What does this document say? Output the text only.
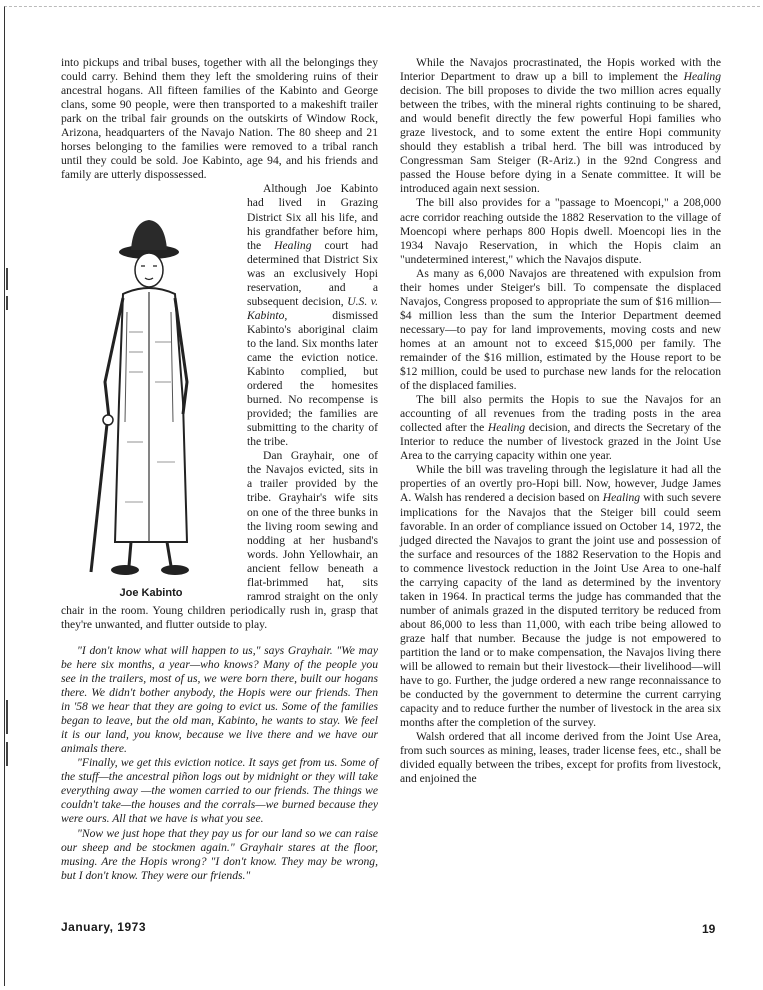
into pickups and tribal buses, together with all the belongings they could carry. Behind them they left the smoldering ruins of their ancestral hogans. All fifteen families of the Kabinto and George clans, some 90 people, were then transported to a makeshift trailer park on the tribal fair grounds on the outskirts of Window Rock, Arizona, headquarters of the Navajo Nation. The 80 sheep and 21 horses belonging to the families were removed to a tribal ranch until they could be sold. Joe Kabinto, age 94, and his friends and family are utterly dispossessed.

Joe Kabinto

Although Joe Kabinto had lived in Grazing District Six all his life, and his grandfather before him, the Healing court had determined that District Six was an exclusively Hopi reservation, and a subsequent decision, U.S. v. Kabinto, dismissed Kabinto's aboriginal claim to the land. Six months later came the eviction notice. Kabinto complied, but ordered the homesites burned. No recompense is provided; the families are submitting to the charity of the tribe.

Dan Grayhair, one of the Navajos evicted, sits in a trailer provided by the tribe. Grayhair's wife sits on one of the three bunks in the living room sewing and nodding at her husband's words. John Yellowhair, an ancient fellow beneath a flat-brimmed hat, sits ramrod straight on the only chair in the room. Young children periodically rush in, grasp that they're unwanted, and flutter outside to play.

"I don't know what will happen to us," says Grayhair. "We may be here six months, a year—who knows? Many of the people you see in the trailers, most of us, we were born there, built our hogans there. We didn't bother anybody, the Hopis were our friends. Then in '58 we hear that they are going to evict us. Some of the families began to leave, but the old man, Kabinto, he wants to stay. We feel it is our land, you know, because we live there and we have our animals there.

"Finally, we get this eviction notice. It says get from us. Some of the stuff—the ancestral piñon logs out by midnight or they will take everything away —the women carried to our friends. The things we couldn't take—the houses and the corrals—we burned because they were ours. All that we have is what you see.

"Now we just hope that they pay us for our land so we can raise our sheep and be stockmen again." Grayhair stares at the floor, musing. Are the Hopis wrong? "I don't know. They may be wrong, but I don't know. They were our friends."

While the Navajos procrastinated, the Hopis worked with the Interior Department to draw up a bill to implement the Healing decision. The bill proposes to divide the two million acres equally between the tribes, with the mineral rights continuing to be shared, and would benefit directly the few powerful Hopi families who graze livestock, and to some extent the entire Hopi community should they establish a tribal herd. The bill was introduced by Congressman Sam Steiger (R-Ariz.) in the 92nd Congress and passed the House before dying in a Senate committee. It will be introduced again next session.

The bill also provides for a "passage to Moencopi," a 208,000 acre corridor reaching outside the 1882 Reservation to the village of Moencopi where perhaps 800 Hopis dwell. Moencopi lies in the 1934 Navajo Reservation, in which the Hopis claim an "undetermined interest," which the Navajos dispute.

As many as 6,000 Navajos are threatened with expulsion from their homes under Steiger's bill. To compensate the displaced Navajos, Congress proposed to appropriate the sum of $16 million—$4 million less than the sum the Interior Department deemed necessary—to pay for land improvements, moving costs and new homes at an amount not to exceed $15,000 per family. The remainder of the $16 million, estimated by the House report to be $12 million, could be used to purchase new lands for the relocation of the displaced families.

The bill also permits the Hopis to sue the Navajos for an accounting of all revenues from the trading posts in the area collected after the Healing decision, and directs the Secretary of the Interior to reduce the number of livestock grazed in the Joint Use Area to the carrying capacity within one year.

While the bill was traveling through the legislature it had all the properties of an overtly pro-Hopi bill. Now, however, Judge James A. Walsh has rendered a decision based on Healing with such severe implications for the Navajos that the Steiger bill could seem favorable. In an order of compliance issued on October 14, 1972, the judged directed the Navajos to grant the joint use and possession of the surface and resources of the 1882 Reservation to the Hopis and to commence livestock reduction in the Joint Use Area to one-half the carrying capacity of the land as determined by the inventory taken in 1964. In practical terms the judge has commanded that the number of animals grazed in the disputed territory be reduced from about 86,000 to less than 11,000, with each tribe being allowed to graze half that number. Because the judge is not empowered to partition the land or to make compensation, the Navajos living there will be allowed to remain but their livestock—their livelihood—will have to go. Further, the judge ordered a new range reconnaissance to be conducted by the government to determine the current carrying capacity and to reduce further the number of livestock in the area six months after the completion of the survey.

Walsh ordered that all income derived from the Joint Use Area, from such sources as mining, leases, trader license fees, etc., shall be divided equally between the tribes, except for profits from livestock, and enjoined the

January, 1973	19
